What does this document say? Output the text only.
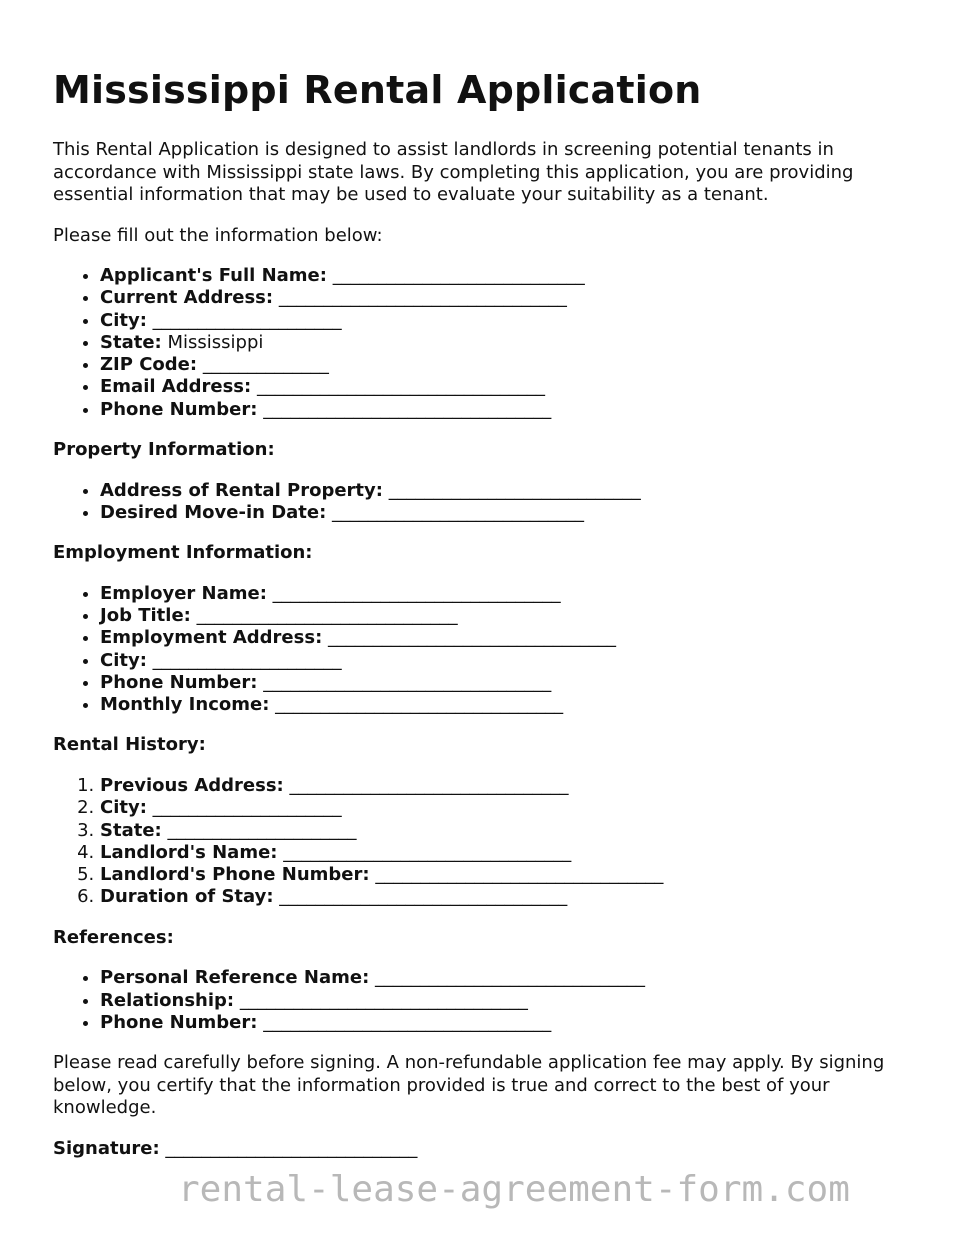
Mississippi Rental Application

This Rental Application is designed to assist landlords in screening potential tenants in accordance with Mississippi state laws. By completing this application, you are providing essential information that may be used to evaluate your suitability as a tenant.

Please fill out the information below:

• Applicant's Full Name: ____________________________
• Current Address: ________________________________
• City: _____________________
• State: Mississippi
• ZIP Code: ______________
• Email Address: ________________________________
• Phone Number: ________________________________

Property Information:

• Address of Rental Property: ____________________________
• Desired Move-in Date: ____________________________

Employment Information:

• Employer Name: ________________________________
• Job Title: _____________________________
• Employment Address: ________________________________
• City: _____________________
• Phone Number: ________________________________
• Monthly Income: ________________________________

Rental History:

1. Previous Address: _______________________________
2. City: _____________________
3. State: _____________________
4. Landlord's Name: ________________________________
5. Landlord's Phone Number: ________________________________
6. Duration of Stay: ________________________________

References:

• Personal Reference Name: ______________________________
• Relationship: ________________________________
• Phone Number: ________________________________

Please read carefully before signing. A non-refundable application fee may apply. By signing below, you certify that the information provided is true and correct to the best of your knowledge.

Signature: ____________________________

rental-lease-agreement-form.com
